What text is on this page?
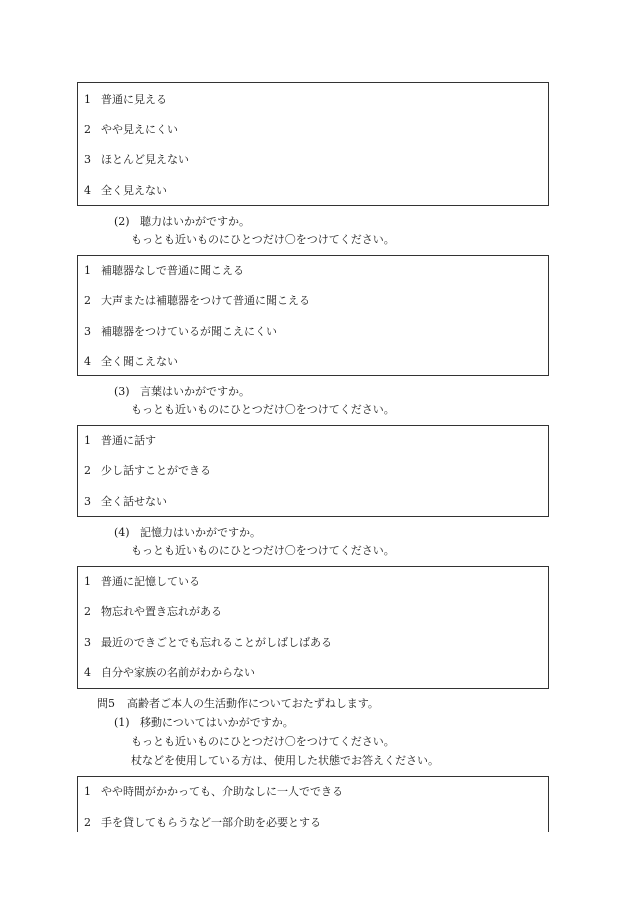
1 普通に見える
2 やや見えにくい
3 ほとんど見えない
4 全く見えない
(2) 聴力はいかがですか。
もっとも近いものにひとつだけ〇をつけてください。
1 補聴器なしで普通に聞こえる
2 大声または補聴器をつけて普通に聞こえる
3 補聴器をつけているが聞こえにくい
4 全く聞こえない
(3) 言葉はいかがですか。
もっとも近いものにひとつだけ〇をつけてください。
1 普通に話す
2 少し話すことができる
3 全く話せない
(4) 記憶力はいかがですか。
もっとも近いものにひとつだけ〇をつけてください。
1 普通に記憶している
2 物忘れや置き忘れがある
3 最近のできごとでも忘れることがしばしばある
4 自分や家族の名前がわからない
問5 高齢者ご本人の生活動作についておたずねします。
(1) 移動についてはいかがですか。
もっとも近いものにひとつだけ〇をつけてください。
杖などを使用している方は、使用した状態でお答えください。
1 やや時間がかかっても、介助なしに一人でできる
2 手を貸してもらうなど一部介助を必要とする
